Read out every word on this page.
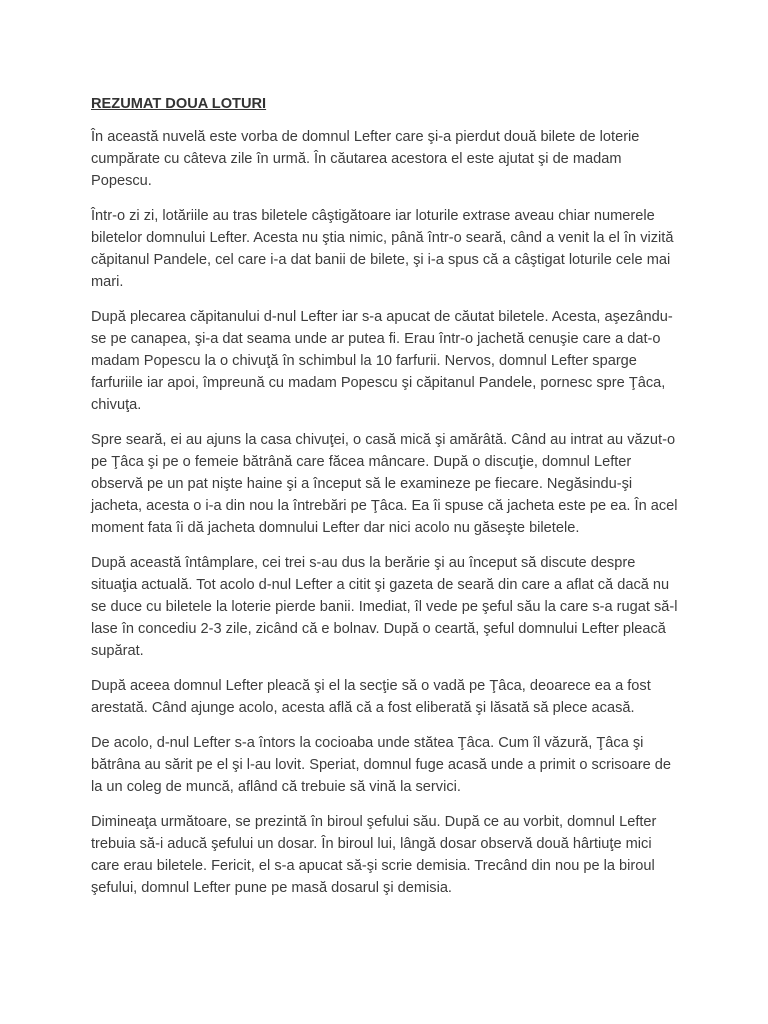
REZUMAT DOUA LOTURI

În această nuvelă este vorba de domnul Lefter care şi-a pierdut două bilete de loterie cumpărate cu câteva zile în urmă. În căutarea acestora el este ajutat şi de madam Popescu.

Într-o zi zi, lotăriile au tras biletele câştigătoare iar loturile extrase aveau chiar numerele biletelor domnului Lefter. Acesta nu ştia nimic, până într-o seară, când a venit la el în vizită căpitanul Pandele, cel care i-a dat banii de bilete, şi i-a spus că a câştigat loturile cele mai mari.

După plecarea căpitanului d-nul Lefter iar s-a apucat de căutat biletele. Acesta, aşezându-se pe canapea, şi-a dat seama unde ar putea fi. Erau într-o jachetă cenuşie care a dat-o madam Popescu la o chivuţă în schimbul la 10 farfurii. Nervos, domnul Lefter sparge farfuriile iar apoi, împreună cu madam Popescu şi căpitanul Pandele, pornesc spre Ţâca, chivuţa.

Spre seară, ei au ajuns la casa chivuţei, o casă mică şi amărâtă. Când au intrat au văzut-o pe Ţâca şi pe o femeie bătrână care făcea mâncare. După o discuţie, domnul Lefter observă pe un pat nişte haine şi a început să le examineze pe fiecare. Negăsindu-şi jacheta, acesta o i-a din nou la întrebări pe Ţâca. Ea îi spuse că jacheta este pe ea. În acel moment fata îi dă jacheta domnului Lefter dar nici acolo nu găseşte biletele.

După această întâmplare, cei trei s-au dus la berărie şi au început să discute despre situaţia actuală. Tot acolo d-nul Lefter a citit şi gazeta de seară din care a aflat că dacă nu se duce cu biletele la loterie pierde banii. Imediat, îl vede pe şeful său la care s-a rugat să-l lase în concediu 2-3 zile, zicând că e bolnav. După o ceartă, şeful domnului Lefter pleacă supărat.

După aceea domnul Lefter pleacă şi el la secţie să o vadă pe Ţâca, deoarece ea a fost arestată. Când ajunge acolo, acesta află că a fost eliberată şi lăsată să plece acasă.

De acolo, d-nul Lefter s-a întors la cocioaba unde stătea Ţâca. Cum îl văzură, Ţâca şi bătrâna au sărit pe el şi l-au lovit. Speriat, domnul fuge acasă unde a primit o scrisoare de la un coleg de muncă, aflând că trebuie să vină la servici.

Dimineaţa următoare, se prezintă în biroul şefului său. După ce au vorbit, domnul Lefter trebuia să-i aducă şefului un dosar. În biroul lui, lângă dosar observă două hârtiuţe mici care erau biletele. Fericit, el s-a apucat să-şi scrie demisia. Trecând din nou pe la biroul şefului, domnul Lefter pune pe masă dosarul şi demisia.
